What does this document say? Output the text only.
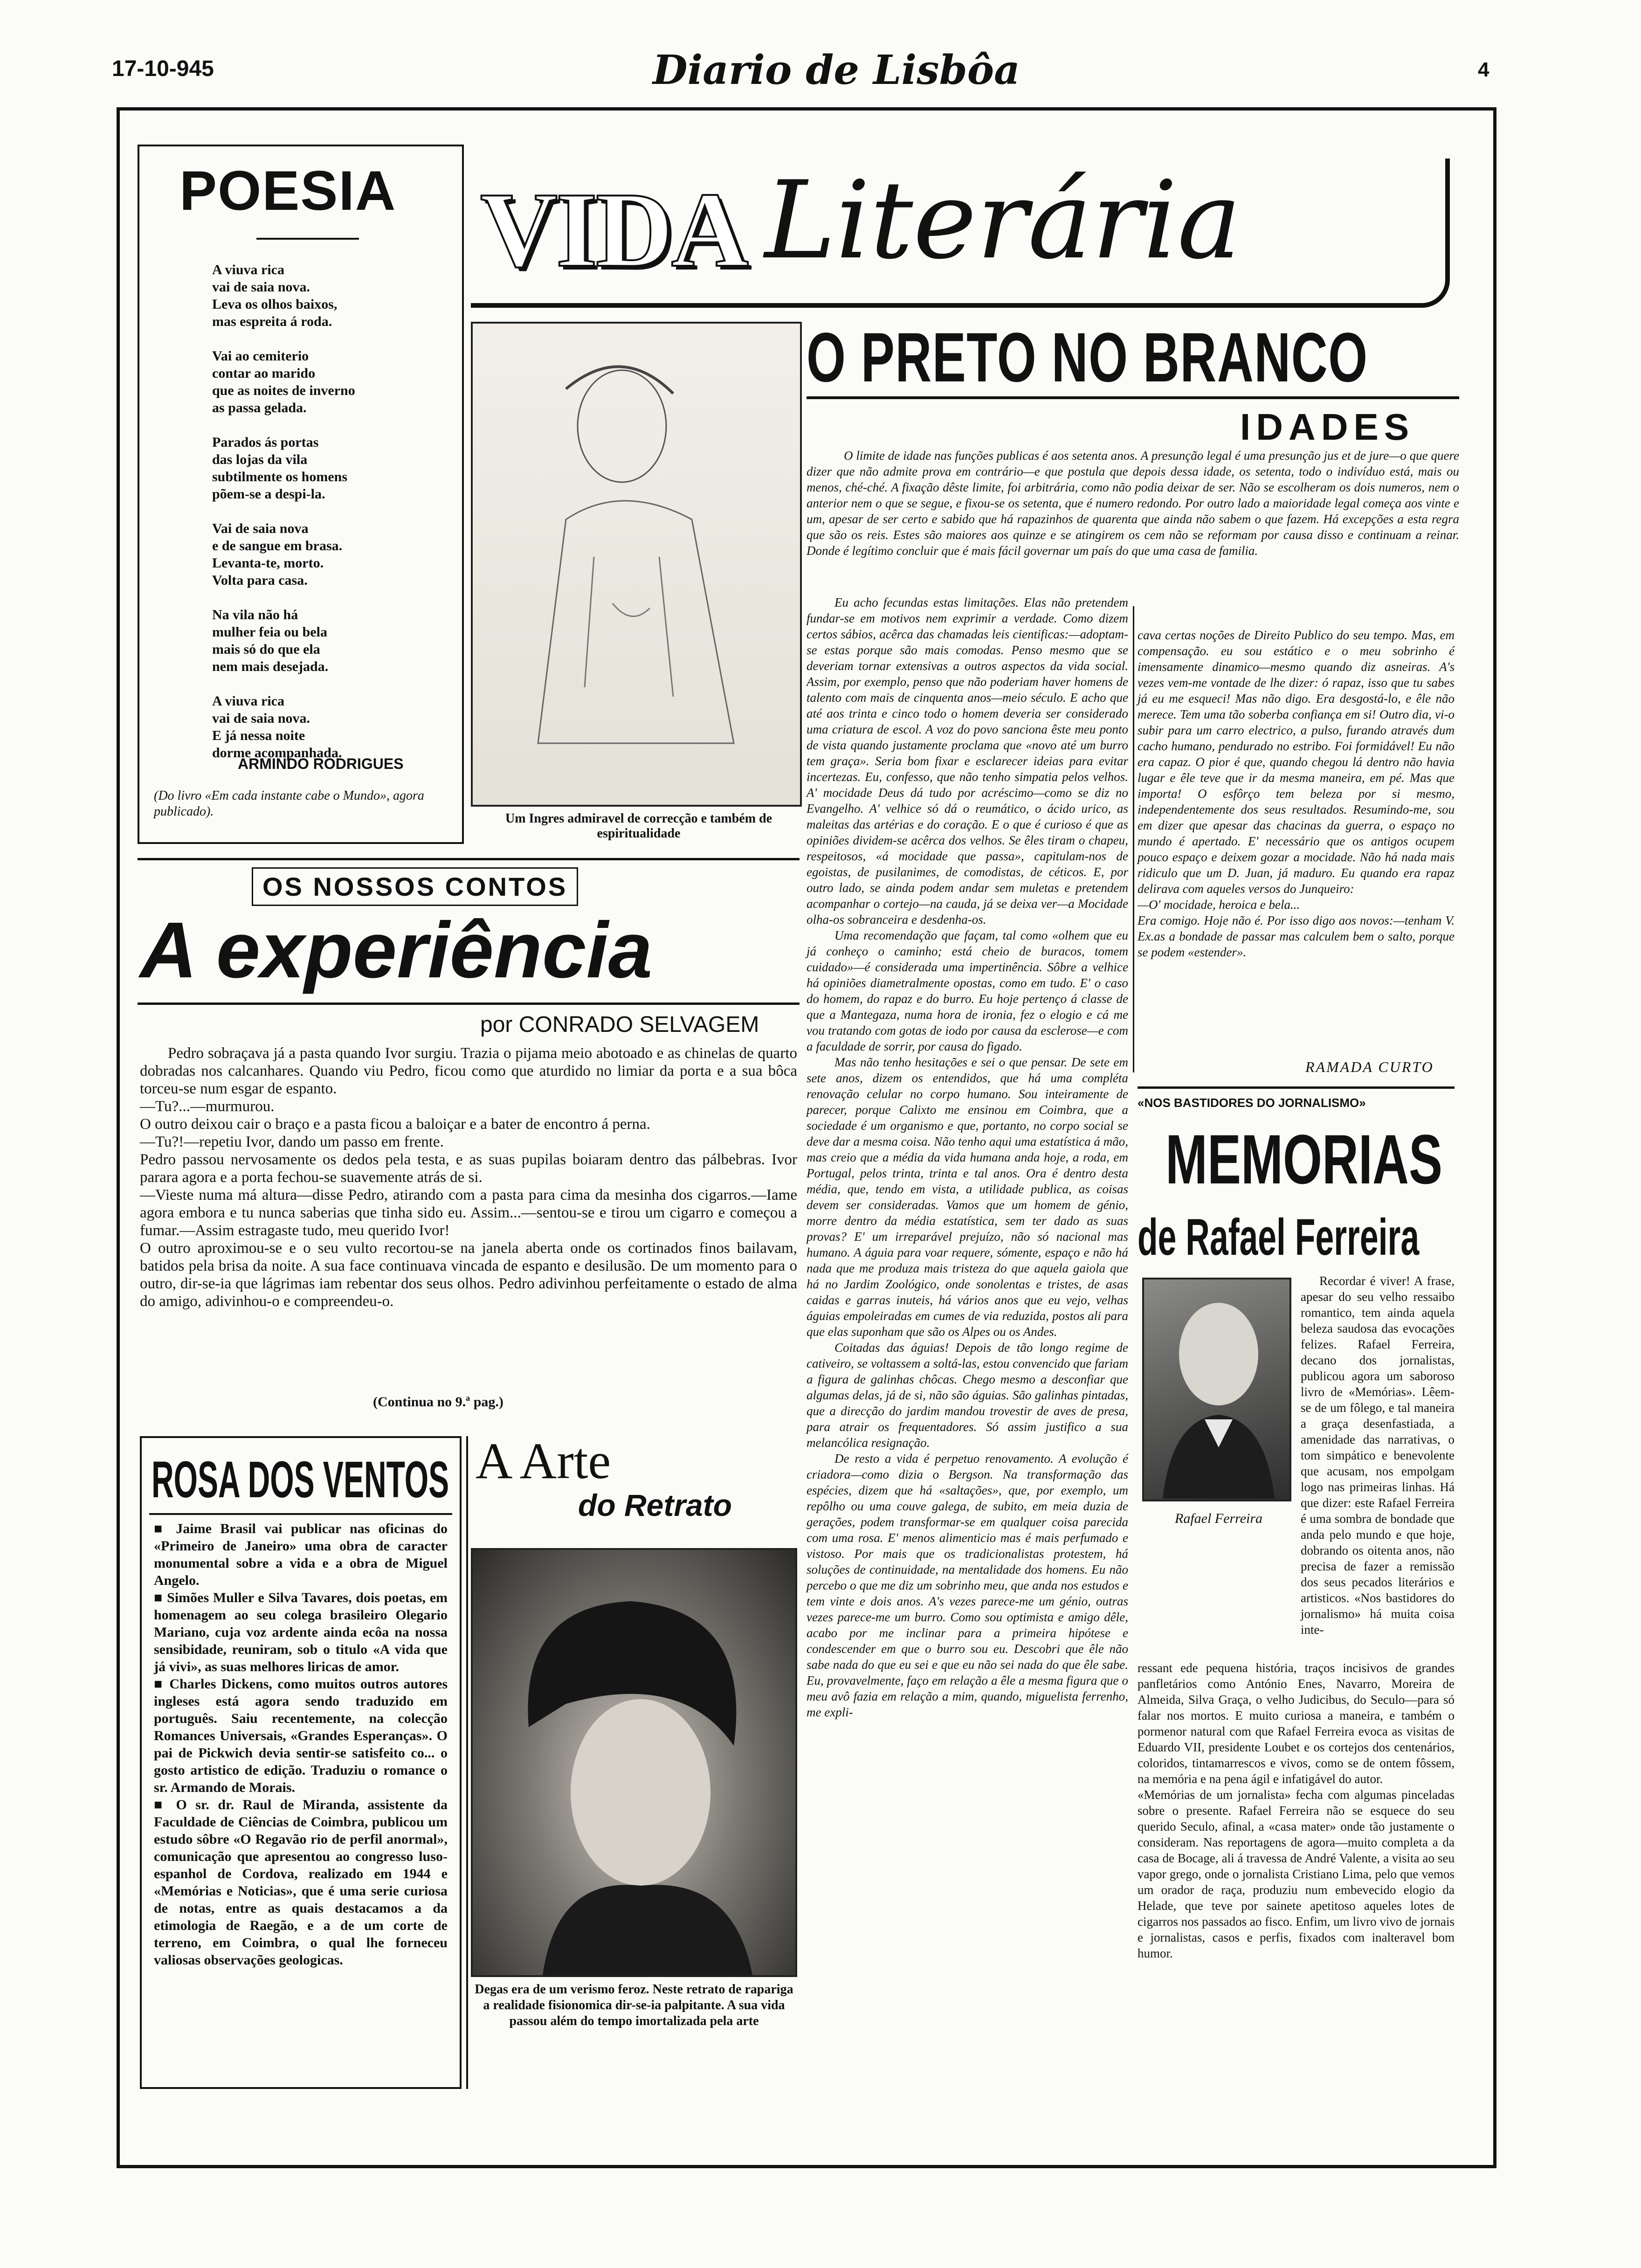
17-10-945	Diario de Lisbôa	4
POESIA
A viuva rica
vai de saia nova.
Leva os olhos baixos,
mas espreita á roda.
Vai ao cemiterio
contar ao marido
que as noites de inverno
as passa gelada.
Parados ás portas
das lojas da vila
subtilmente os homens
põem-se a despi-la.
Vai de saia nova
e de sangue em brasa.
Levanta-te, morto.
Volta para casa.
Na vila não há
mulher feia ou bela
mais só do que ela
nem mais desejada.
A viuva rica
vai de saia nova.
E já nessa noite
dorme acompanhada.
ARMINDO RODRIGUES
(Do livro «Em cada instante cabe o Mundo», agora publicado).
VIDA Literária
Um Ingres admiravel de correcção e também de espiritualidade
O PRETO NO BRANCO
IDADES
O limite de idade nas funções publicas é aos setenta anos. A presunção legal é uma presunção jus et de jure—o que quere dizer que não admite prova em contrário—e que postula que depois dessa idade, os setenta, todo o indivíduo está, mais ou menos, ché-ché. A fixação dêste limite, foi arbitrária, como não podia deixar de ser. Não se escolheram os dois numeros, nem o anterior nem o que se segue, e fixou-se os setenta, que é numero redondo. Por outro lado a maioridade legal começa aos vinte e um, apesar de ser certo e sabido que há rapazinhos de quarenta que ainda não sabem o que fazem. Há excepções a esta regra que são os reis. Estes são maiores aos quinze e se atingirem os cem não se reformam por causa disso e continuam a reinar. Donde é legítimo concluir que é mais fácil governar um país do que uma casa de familia.
Eu acho fecundas estas limitações. Elas não pretendem fundar-se em motivos nem exprimir a verdade. Como dizem certos sábios, acêrca das chamadas leis cientificas:—adoptam-se estas porque são mais comodas. Penso mesmo que se deveriam tornar extensivas a outros aspectos da vida social. Assim, por exemplo, penso que não poderiam haver homens de talento com mais de cinquenta anos—meio século. E acho que até aos trinta e cinco todo o homem deveria ser considerado uma criatura de escol. A voz do povo sanciona êste meu ponto de vista quando justamente proclama que «novo até um burro tem graça». Seria bom fixar e esclarecer ideias para evitar incertezas. Eu, confesso, que não tenho simpatia pelos velhos. A' mocidade Deus dá tudo por acréscimo—como se diz no Evangelho. A' velhice só dá o reumático, o ácido urico, as maleitas das artérias e do coração. E o que é curioso é que as opiniões dividem-se acêrca dos velhos. Se êles tiram o chapeu, respeitosos, «á mocidade que passa», capitulam-nos de egoistas, de pusilanimes, de comodistas, de céticos. E, por outro lado, se ainda podem andar sem muletas e pretendem acompanhar o cortejo—na cauda, já se deixa ver—a Mocidade olha-os sobranceira e desdenha-os.
Uma recomendação que façam, tal como «olhem que eu já conheço o caminho; está cheio de buracos, tomem cuidado»—é considerada uma impertinência. Sôbre a velhice há opiniões diametralmente opostas, como em tudo. E' o caso do homem, do rapaz e do burro. Eu hoje pertenço á classe de que a Mantegaza, numa hora de ironia, fez o elogio e cá me vou tratando com gotas de iodo por causa da esclerose—e com a faculdade de sorrir, por causa do figado.
Mas não tenho hesitações e sei o que pensar. De sete em sete anos, dizem os entendidos, que há uma compléta renovação celular no corpo humano. Sou inteiramente de parecer, porque Calixto me ensinou em Coimbra, que a sociedade é um organismo e que, portanto, no corpo social se deve dar a mesma coisa. Não tenho aqui uma estatística á mão, mas creio que a média da vida humana anda hoje, a roda, em Portugal, pelos trinta, trinta e tal anos. Ora é dentro desta média, que, tendo em vista, a utilidade publica, as coisas devem ser consideradas. Vamos que um homem de génio, morre dentro da média estatística, sem ter dado as suas provas? E' um irreparável prejuízo, não só nacional mas humano. A águia para voar requere, sómente, espaço e não há nada que me produza mais tristeza do que aquela gaiola que há no Jardim Zoológico, onde sonolentas e tristes, de asas caidas e garras inuteis, há vários anos que eu vejo, velhas águias empoleiradas em cumes de via reduzida, postos ali para que elas suponham que são os Alpes ou os Andes.
Coitadas das águias! Depois de tão longo regime de cativeiro, se voltassem a soltá-las, estou convencido que fariam a figura de galinhas chôcas. Chego mesmo a desconfiar que algumas delas, já de si, não são águias. São galinhas pintadas, que a direcção do jardim mandou trovestir de aves de presa, para atrair os frequentadores. Só assim justifico a sua melancólica resignação.
De resto a vida é perpetuo renovamento. A evolução é criadora—como dizia o Bergson. Na transformação das espécies, dizem que há «saltações», que, por exemplo, um repôlho ou uma couve galega, de subito, em meia duzia de gerações, podem transformar-se em qualquer coisa parecida com uma rosa. E' menos alimenticio mas é mais perfumado e vistoso. Por mais que os tradicionalistas protestem, há soluções de continuidade, na mentalidade dos homens. Eu não percebo o que me diz um sobrinho meu, que anda nos estudos e tem vinte e dois anos. A's vezes parece-me um génio, outras vezes parece-me um burro. Como sou optimista e amigo dêle, acabo por me inclinar para a primeira hipótese e condescender em que o burro sou eu. Descobri que êle não sabe nada do que eu sei e que eu não sei nada do que êle sabe. Eu, provavelmente, faço em relação a êle a mesma figura que o meu avô fazia em relação a mim, quando, miguelista ferrenho, me expli-
cava certas noções de Direito Publico do seu tempo. Mas, em compensação. eu sou estático e o meu sobrinho é imensamente dinamico—mesmo quando diz asneiras. A's vezes vem-me vontade de lhe dizer: ó rapaz, isso que tu sabes já eu me esqueci! Mas não digo. Era desgostá-lo, e êle não merece. Tem uma tão soberba confiança em si! Outro dia, vi-o subir para um carro electrico, a pulso, furando através dum cacho humano, pendurado no estribo. Foi formidável! Eu não era capaz. O pior é que, quando chegou lá dentro não havia lugar e êle teve que ir da mesma maneira, em pé. Mas que importa! O esfôrço tem beleza por si mesmo, independentemente dos seus resultados. Resumindo-me, sou em dizer que apesar das chacinas da guerra, o espaço no mundo é apertado. E' necessário que os antigos ocupem pouco espaço e deixem gozar a mocidade. Não há nada mais ridiculo que um D. Juan, já maduro. Eu quando era rapaz delirava com aqueles versos do Junqueiro:
—O' mocidade, heroica e bela...
Era comigo. Hoje não é. Por isso digo aos novos:—tenham V. Ex.as a bondade de passar mas calculem bem o salto, porque se podem «estender».
RAMADA CURTO
«NOS BASTIDORES DO JORNALISMO»
MEMORIAS
de Rafael Ferreira
Rafael Ferreira
Recordar é viver! A frase, apesar do seu velho ressaibo romantico, tem ainda aquela beleza saudosa das evocações felizes. Rafael Ferreira, decano dos jornalistas, publicou agora um saboroso livro de «Memórias». Lêem-se de um fôlego, e tal maneira a graça desenfastiada, a amenidade das narrativas, o tom simpático e benevolente que acusam, nos empolgam logo nas primeiras linhas. Há que dizer: este Rafael Ferreira é uma sombra de bondade que anda pelo mundo e que hoje, dobrando os oitenta anos, não precisa de fazer a remissão dos seus pecados literários e artisticos. «Nos bastidores do jornalismo» há muita coisa inte-
ressant ede pequena história, traços incisivos de grandes panfletários como António Enes, Navarro, Moreira de Almeida, Silva Graça, o velho Judicibus, do Seculo—para só falar nos mortos. E muito curiosa a maneira, e também o pormenor natural com que Rafael Ferreira evoca as visitas de Eduardo VII, presidente Loubet e os cortejos dos centenários, coloridos, tintamarrescos e vivos, como se de ontem fôssem, na memória e na pena ágil e infatigável do autor.
«Memórias de um jornalista» fecha com algumas pinceladas sobre o presente. Rafael Ferreira não se esquece do seu querido Seculo, afinal, a «casa mater» onde tão justamente o consideram. Nas reportagens de agora—muito completa a da casa de Bocage, ali á travessa de André Valente, a visita ao seu vapor grego, onde o jornalista Cristiano Lima, pelo que vemos um orador de raça, produziu num embevecido elogio da Helade, que teve por sainete apetitoso aqueles lotes de cigarros nos passados ao fisco. Enfim, um livro vivo de jornais e jornalistas, casos e perfis, fixados com inalteravel bom humor.
OS NOSSOS CONTOS
A experiência
por CONRADO SELVAGEM
Pedro sobraçava já a pasta quando Ivor surgiu. Trazia o pijama meio abotoado e as chinelas de quarto dobradas nos calcanhares. Quando viu Pedro, ficou como que aturdido no limiar da porta e a sua bôca torceu-se num esgar de espanto.
—Tu?...—murmurou.
O outro deixou cair o braço e a pasta ficou a baloiçar e a bater de encontro á perna.
—Tu?!—repetiu Ivor, dando um passo em frente.
Pedro passou nervosamente os dedos pela testa, e as suas pupilas boiaram dentro das pálbebras. Ivor parara agora e a porta fechou-se suavemente atrás de si.
—Vieste numa má altura—disse Pedro, atirando com a pasta para cima da mesinha dos cigarros.—Iame agora embora e tu nunca saberias que tinha sido eu. Assim...—sentou-se e tirou um cigarro e começou a fumar.—Assim estragaste tudo, meu querido Ivor!
O outro aproximou-se e o seu vulto recortou-se na janela aberta onde os cortinados finos bailavam, batidos pela brisa da noite. A sua face continuava vincada de espanto e desilusão. De um momento para o outro, dir-se-ia que lágrimas iam rebentar dos seus olhos. Pedro adivinhou perfeitamente o estado de alma do amigo, adivinhou-o e compreendeu-o.
(Continua no 9.ª pag.)
ROSA DOS VENTOS
■ Jaime Brasil vai publicar nas oficinas do «Primeiro de Janeiro» uma obra de caracter monumental sobre a vida e a obra de Miguel Angelo.
■ Simões Muller e Silva Tavares, dois poetas, em homenagem ao seu colega brasileiro Olegario Mariano, cuja voz ardente ainda ecôa na nossa sensibidade, reuniram, sob o titulo «A vida que já vivi», as suas melhores liricas de amor.
■ Charles Dickens, como muitos outros autores ingleses está agora sendo traduzido em português. Saiu recentemente, na colecção Romances Universais, «Grandes Esperanças». O pai de Pickwich devia sentir-se satisfeito co... o gosto artistico de edição. Traduziu o romance o sr. Armando de Morais.
■ O sr. dr. Raul de Miranda, assistente da Faculdade de Ciências de Coimbra, publicou um estudo sôbre «O Regavão rio de perfil anormal», comunicação que apresentou ao congresso luso-espanhol de Cordova, realizado em 1944 e «Memórias e Noticias», que é uma serie curiosa de notas, entre as quais destacamos a da etimologia de Raegão, e a de um corte de terreno, em Coimbra, o qual lhe forneceu valiosas observações geologicas.
A Arte
do Retrato
Degas era de um verismo feroz. Neste retrato de rapariga a realidade fisionomica dir-se-ia palpitante. A sua vida passou além do tempo imortalizada pela arte
